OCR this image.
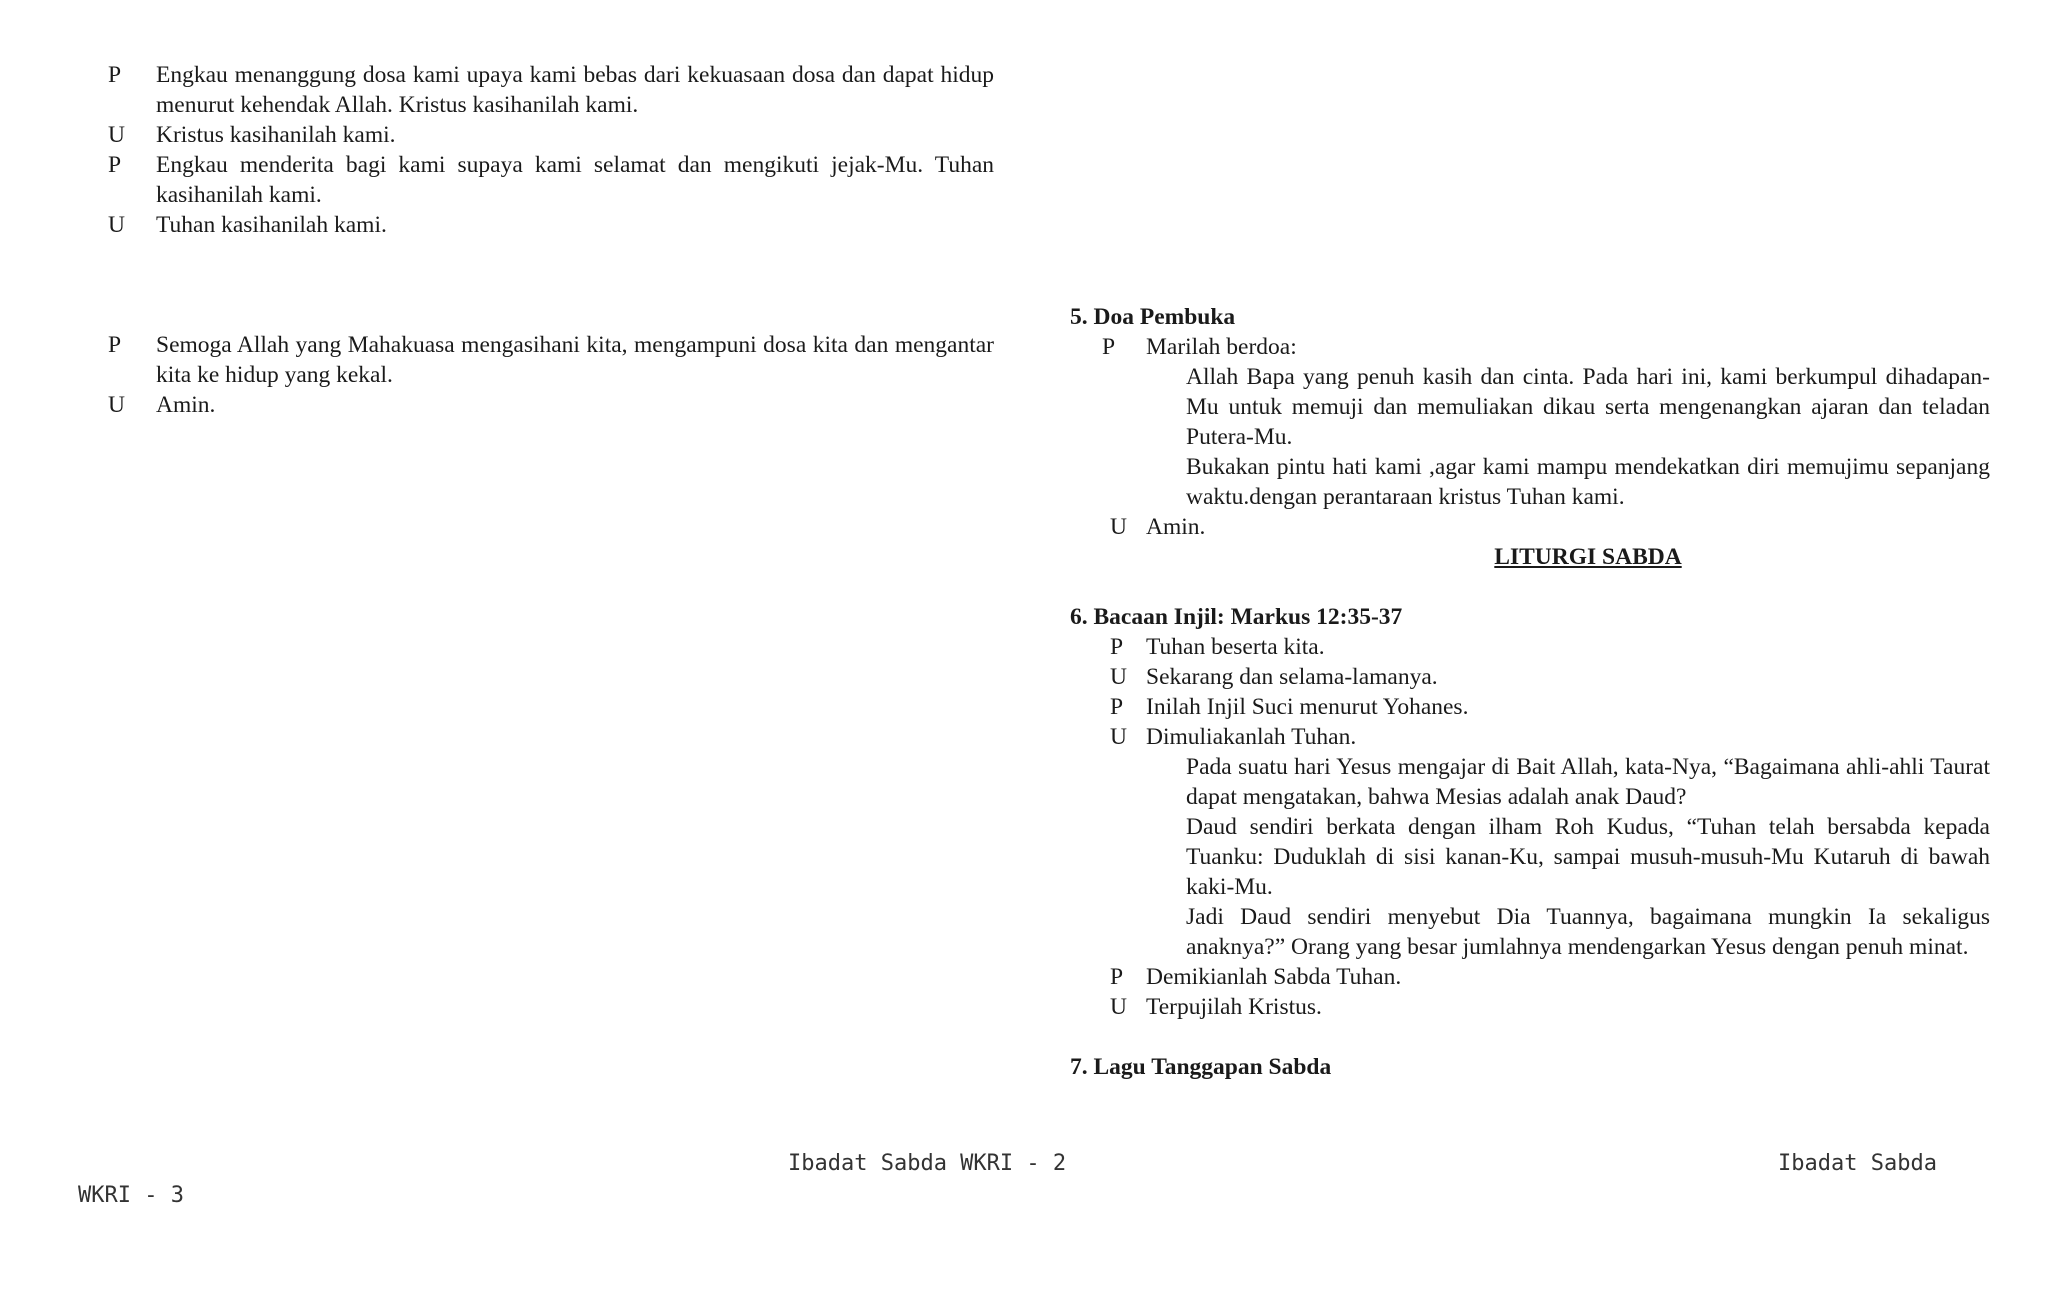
P	Engkau menanggung dosa kami upaya kami bebas dari kekuasaan dosa dan dapat hidup menurut kehendak Allah. Kristus kasihanilah kami.
U	Kristus kasihanilah kami.
P	Engkau menderita bagi kami supaya kami selamat dan mengikuti jejak-Mu. Tuhan kasihanilah kami.
U	Tuhan kasihanilah kami.
P	Semoga Allah yang Mahakuasa mengasihani kita, mengampuni dosa kita dan mengantar kita ke hidup yang kekal.
U	Amin.
5. Doa Pembuka
P	Marilah berdoa:
Allah Bapa yang penuh kasih dan cinta. Pada hari ini, kami berkumpul dihadapan-Mu untuk memuji dan memuliakan dikau serta mengenangkan ajaran dan teladan Putera-Mu.
Bukakan pintu hati kami ,agar kami mampu mendekatkan diri memujimu sepanjang waktu.dengan perantaraan kristus Tuhan kami.
U Amin.
LITURGI SABDA
6. Bacaan Injil: Markus 12:35-37
P Tuhan beserta kita.
U Sekarang dan selama-lamanya.
P Inilah Injil Suci menurut Yohanes.
U Dimuliakanlah Tuhan.
Pada suatu hari Yesus mengajar di Bait Allah, kata-Nya, “Bagaimana ahli-ahli Taurat dapat mengatakan, bahwa Mesias adalah anak Daud?
Daud sendiri berkata dengan ilham Roh Kudus, “Tuhan telah bersabda kepada Tuanku: Duduklah di sisi kanan-Ku, sampai musuh-musuh-Mu Kutaruh di bawah kaki-Mu.
Jadi Daud sendiri menyebut Dia Tuannya, bagaimana mungkin Ia sekaligus anaknya?” Orang yang besar jumlahnya mendengarkan Yesus dengan penuh minat.
P Demikianlah Sabda Tuhan.
U Terpujilah Kristus.
7. Lagu Tanggapan Sabda
Ibadat Sabda WKRI - 2	Ibadat Sabda
WKRI - 3
